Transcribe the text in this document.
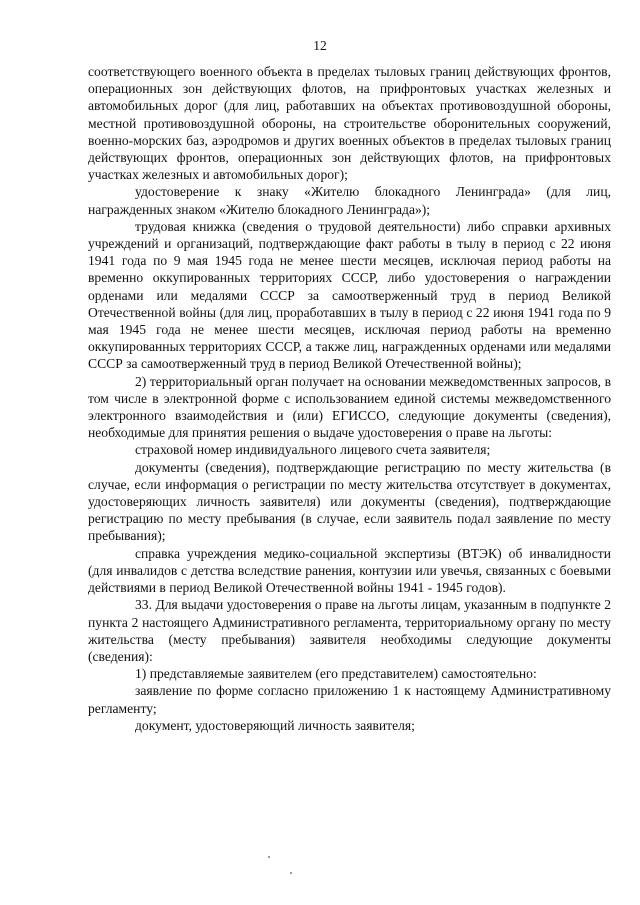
12

соответствующего военного объекта в пределах тыловых границ действующих фронтов, операционных зон действующих флотов, на прифронтовых участках железных и автомобильных дорог (для лиц, работавших на объектах противовоздушной обороны, местной противовоздушной обороны, на строительстве оборонительных сооружений, военно-морских баз, аэродромов и других военных объектов в пределах тыловых границ действующих фронтов, операционных зон действующих флотов, на прифронтовых участках железных и автомобильных дорог);

удостоверение к знаку «Жителю блокадного Ленинграда» (для лиц, награжденных знаком «Жителю блокадного Ленинграда»);

трудовая книжка (сведения о трудовой деятельности) либо справки архивных учреждений и организаций, подтверждающие факт работы в тылу в период с 22 июня 1941 года по 9 мая 1945 года не менее шести месяцев, исключая период работы на временно оккупированных территориях СССР, либо удостоверения о награждении орденами или медалями СССР за самоотверженный труд в период Великой Отечественной войны (для лиц, проработавших в тылу в период с 22 июня 1941 года по 9 мая 1945 года не менее шести месяцев, исключая период работы на временно оккупированных территориях СССР, а также лиц, награжденных орденами или медалями СССР за самоотверженный труд в период Великой Отечественной войны);

2) территориальный орган получает на основании межведомственных запросов, в том числе в электронной форме с использованием единой системы межведомственного электронного взаимодействия и (или) ЕГИССО, следующие документы (сведения), необходимые для принятия решения о выдаче удостоверения о праве на льготы:

страховой номер индивидуального лицевого счета заявителя;

документы (сведения), подтверждающие регистрацию по месту жительства (в случае, если информация о регистрации по месту жительства отсутствует в документах, удостоверяющих личность заявителя) или документы (сведения), подтверждающие регистрацию по месту пребывания (в случае, если заявитель подал заявление по месту пребывания);

справка учреждения медико-социальной экспертизы (ВТЭК) об инвалидности (для инвалидов с детства вследствие ранения, контузии или увечья, связанных с боевыми действиями в период Великой Отечественной войны 1941 - 1945 годов).

33. Для выдачи удостоверения о праве на льготы лицам, указанным в подпункте 2 пункта 2 настоящего Административного регламента, территориальному органу по месту жительства (месту пребывания) заявителя необходимы следующие документы (сведения):

1) представляемые заявителем (его представителем) самостоятельно:

заявление по форме согласно приложению 1 к настоящему Административному регламенту;

документ, удостоверяющий личность заявителя;
